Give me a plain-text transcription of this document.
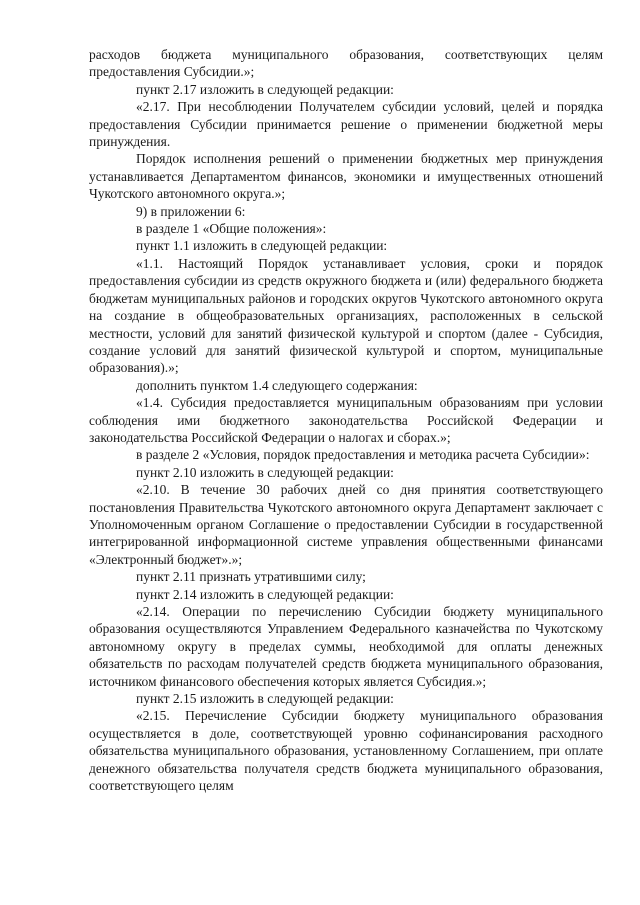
расходов бюджета муниципального образования, соответствующих целям предоставления Субсидии.»;

пункт 2.17 изложить в следующей редакции:

«2.17. При несоблюдении Получателем субсидии условий, целей и порядка предоставления Субсидии принимается решение о применении бюджетной меры принуждения.

Порядок исполнения решений о применении бюджетных мер принуждения устанавливается Департаментом финансов, экономики и имущественных отношений Чукотского автономного округа.»;

9) в приложении 6:

в разделе 1 «Общие положения»:

пункт 1.1 изложить в следующей редакции:

«1.1. Настоящий Порядок устанавливает условия, сроки и порядок предоставления субсидии из средств окружного бюджета и (или) федерального бюджета бюджетам муниципальных районов и городских округов Чукотского автономного округа на создание в общеобразовательных организациях, расположенных в сельской местности, условий для занятий физической культурой и спортом (далее - Субсидия, создание условий для занятий физической культурой и спортом, муниципальные образования).»;

дополнить пунктом 1.4 следующего содержания:

«1.4. Субсидия предоставляется муниципальным образованиям при условии соблюдения ими бюджетного законодательства Российской Федерации и законодательства Российской Федерации о налогах и сборах.»;

в разделе 2 «Условия, порядок предоставления и методика расчета Субсидии»:

пункт 2.10 изложить в следующей редакции:

«2.10. В течение 30 рабочих дней со дня принятия соответствующего постановления Правительства Чукотского автономного округа Департамент заключает с Уполномоченным органом Соглашение о предоставлении Субсидии в государственной интегрированной информационной системе управления общественными финансами «Электронный бюджет».»;

пункт 2.11 признать утратившими силу;

пункт 2.14 изложить в следующей редакции:

«2.14. Операции по перечислению Субсидии бюджету муниципального образования осуществляются Управлением Федерального казначейства по Чукотскому автономному округу в пределах суммы, необходимой для оплаты денежных обязательств по расходам получателей средств бюджета муниципального образования, источником финансового обеспечения которых является Субсидия.»;

пункт 2.15 изложить в следующей редакции:

«2.15. Перечисление Субсидии бюджету муниципального образования осуществляется в доле, соответствующей уровню софинансирования расходного обязательства муниципального образования, установленному Соглашением, при оплате денежного обязательства получателя средств бюджета муниципального образования, соответствующего целям
